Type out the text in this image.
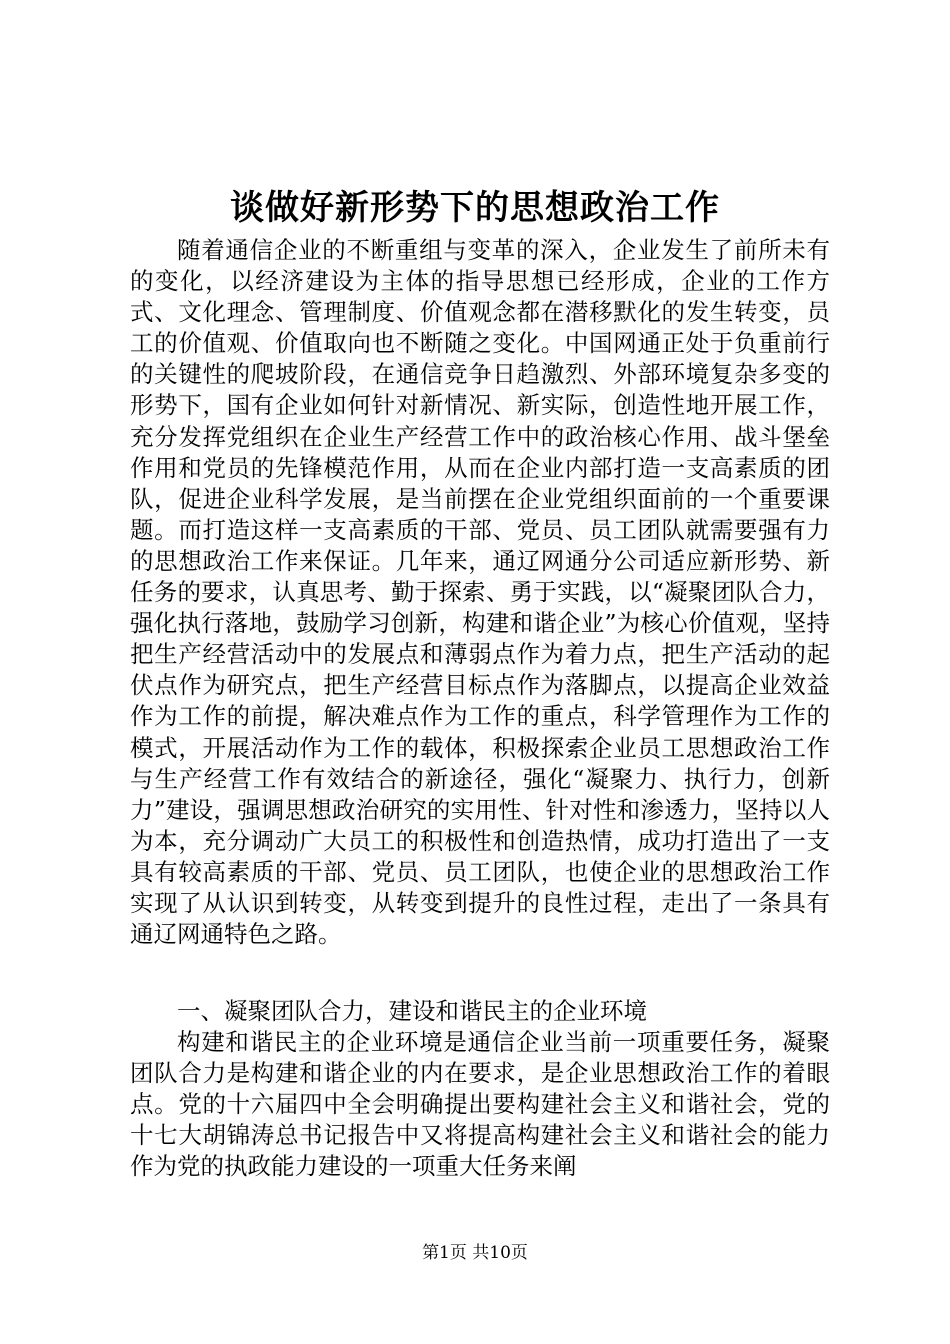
谈做好新形势下的思想政治工作

随着通信企业的不断重组与变革的深入，企业发生了前所未有的变化，以经济建设为主体的指导思想已经形成，企业的工作方式、文化理念、管理制度、价值观念都在潜移默化的发生转变，员工的价值观、价值取向也不断随之变化。中国网通正处于负重前行的关键性的爬坡阶段，在通信竞争日趋激烈、外部环境复杂多变的形势下，国有企业如何针对新情况、新实际，创造性地开展工作，充分发挥党组织在企业生产经营工作中的政治核心作用、战斗堡垒作用和党员的先锋模范作用，从而在企业内部打造一支高素质的团队，促进企业科学发展，是当前摆在企业党组织面前的一个重要课题。而打造这样一支高素质的干部、党员、员工团队就需要强有力的思想政治工作来保证。几年来，通辽网通分公司适应新形势、新任务的要求，认真思考、勤于探索、勇于实践，以“凝聚团队合力，强化执行落地，鼓励学习创新，构建和谐企业”为核心价值观，坚持把生产经营活动中的发展点和薄弱点作为着力点，把生产活动的起伏点作为研究点，把生产经营目标点作为落脚点，以提高企业效益作为工作的前提，解决难点作为工作的重点，科学管理作为工作的模式，开展活动作为工作的载体，积极探索企业员工思想政治工作与生产经营工作有效结合的新途径，强化“凝聚力、执行力，创新力”建设，强调思想政治研究的实用性、针对性和渗透力，坚持以人为本，充分调动广大员工的积极性和创造热情，成功打造出了一支具有较高素质的干部、党员、员工团队，也使企业的思想政治工作实现了从认识到转变，从转变到提升的良性过程，走出了一条具有通辽网通特色之路。

一、凝聚团队合力，建设和谐民主的企业环境

构建和谐民主的企业环境是通信企业当前一项重要任务，凝聚团队合力是构建和谐企业的内在要求，是企业思想政治工作的着眼点。党的十六届四中全会明确提出要构建社会主义和谐社会，党的十七大胡锦涛总书记报告中又将提高构建社会主义和谐社会的能力作为党的执政能力建设的一项重大任务来阐

第1页 共10页
